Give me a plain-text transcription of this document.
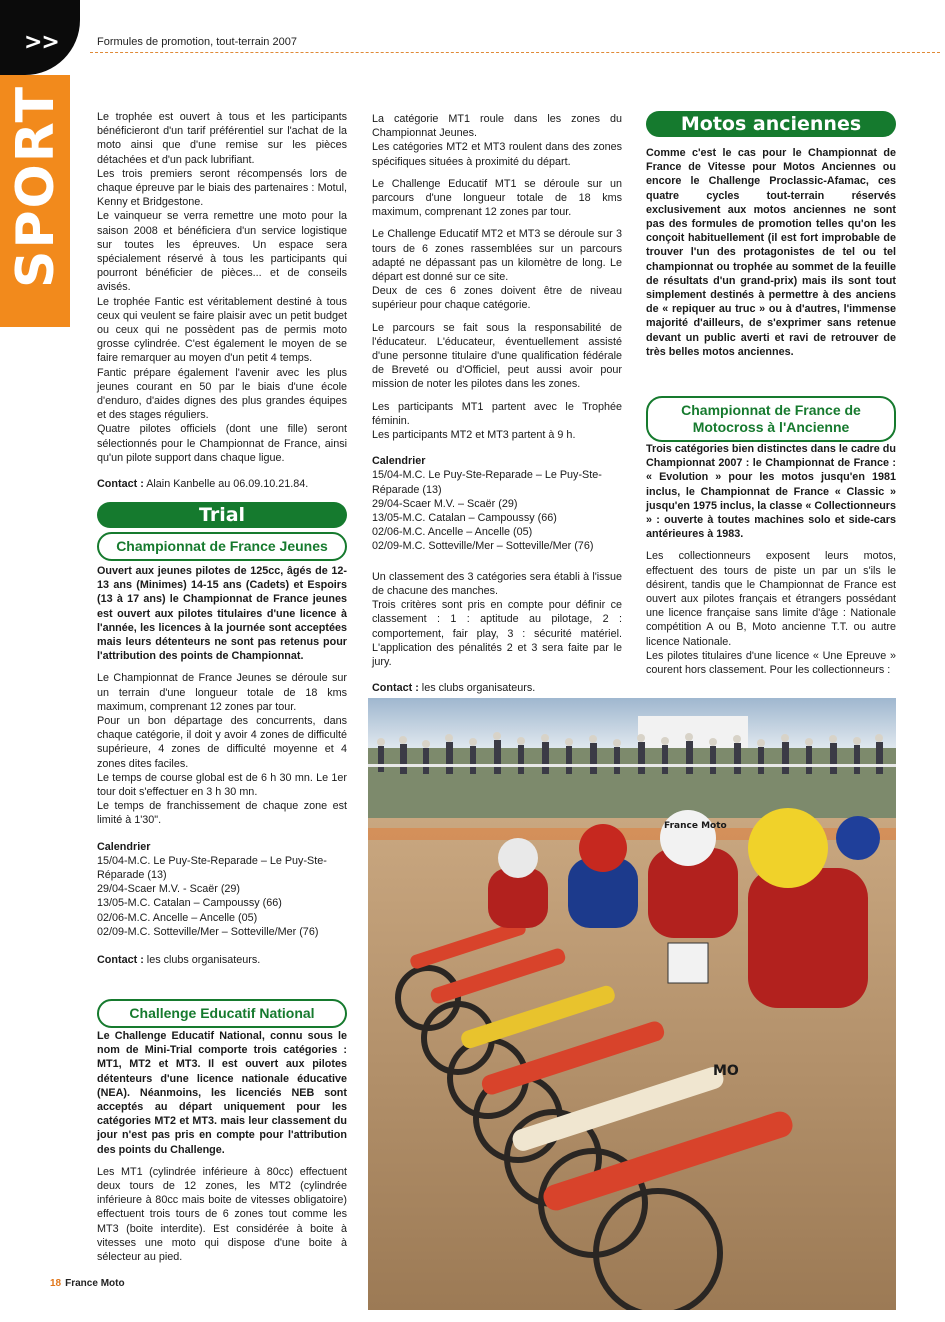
>>
SPORT
Formules de promotion, tout-terrain 2007

Le trophée est ouvert à tous et les participants bénéficieront d'un tarif préférentiel sur l'achat de la moto ainsi que d'une remise sur les pièces détachées et d'un pack lubrifiant.

Les trois premiers seront récompensés lors de chaque épreuve par le biais des partenaires : Motul, Kenny et Bridgestone.

Le vainqueur se verra remettre une moto pour la saison 2008 et bénéficiera d'un service logistique sur toutes les épreuves. Un espace sera spécialement réservé à tous les participants qui pourront bénéficier de pièces... et de conseils avisés.

Le trophée Fantic est véritablement destiné à tous ceux qui veulent se faire plaisir avec un petit budget ou ceux qui ne possèdent pas de permis moto grosse cylindrée. C'est également le moyen de se faire remarquer au moyen d'un petit 4 temps.

Fantic prépare également l'avenir avec les plus jeunes courant en 50 par le biais d'une école d'enduro, d'aides dignes des plus grandes équipes et des stages réguliers.

Quatre pilotes officiels (dont une fille) seront sélectionnés pour le Championnat de France, ainsi qu'un pilote support dans chaque ligue.

Contact : Alain Kanbelle au 06.09.10.21.84.

Trial
Championnat de France Jeunes

Ouvert aux jeunes pilotes de 125cc, âgés de 12-13 ans (Minimes) 14-15 ans (Cadets) et Espoirs (13 à 17 ans) le Championnat de France jeunes est ouvert aux pilotes titulaires d'une licence à l'année, les licences à la journée sont acceptées mais leurs détenteurs ne sont pas retenus pour l'attribution des points de Championnat.

Le Championnat de France Jeunes se déroule sur un terrain d'une longueur totale de 18 kms maximum, comprenant 12 zones par tour.

Pour un bon départage des concurrents, dans chaque catégorie, il doit y avoir 4 zones de difficulté supérieure, 4 zones de difficulté moyenne et 4 zones dites faciles.

Le temps de course global est de 6 h 30 mn. Le 1er tour doit s'effectuer en 3 h 30 mn.

Le temps de franchissement de chaque zone est limité à 1'30".

Calendrier
15/04-M.C. Le Puy-Ste-Reparade – Le Puy-Ste-Réparade (13)
29/04-Scaer M.V. - Scaër (29)
13/05-M.C. Catalan – Campoussy (66)
02/06-M.C. Ancelle – Ancelle (05)
02/09-M.C. Sotteville/Mer – Sotteville/Mer (76)

Contact : les clubs organisateurs.

Challenge Educatif National

Le Challenge Educatif National, connu sous le nom de Mini-Trial comporte trois catégories : MT1, MT2 et MT3. Il est ouvert aux pilotes détenteurs d'une licence nationale éducative (NEA). Néanmoins, les licenciés NEB sont acceptés au départ uniquement pour les catégories MT2 et MT3. mais leur classement du jour n'est pas pris en compte pour l'attribution des points du Challenge.

Les MT1 (cylindrée inférieure à 80cc) effectuent deux tours de 12 zones, les MT2 (cylindrée inférieure à 80cc mais boite de vitesses obligatoire) effectuent trois tours de 6 zones tout comme les MT3 (boite interdite). Est considérée à boite à vitesses une moto qui dispose d'une boite à sélecteur au pied.

La catégorie MT1 roule dans les zones du Championnat Jeunes.

Les catégories MT2 et MT3 roulent dans des zones spécifiques situées à proximité du départ.

Le Challenge Educatif MT1 se déroule sur un parcours d'une longueur totale de 18 kms maximum, comprenant 12 zones par tour.

Le Challenge Educatif MT2 et MT3 se déroule sur 3 tours de 6 zones rassemblées sur un parcours adapté ne dépassant pas un kilomètre de long. Le départ est donné sur ce site.

Deux de ces 6 zones doivent être de niveau supérieur pour chaque catégorie.

Le parcours se fait sous la responsabilité de l'éducateur. L'éducateur, éventuellement assisté d'une personne titulaire d'une qualification fédérale de Breveté ou d'Officiel, peut aussi avoir pour mission de noter les pilotes dans les zones.

Les participants MT1 partent avec le Trophée féminin.

Les participants MT2 et MT3 partent à 9 h.

Calendrier
15/04-M.C. Le Puy-Ste-Reparade – Le Puy-Ste-Réparade (13)
29/04-Scaer M.V. – Scaër (29)
13/05-M.C. Catalan – Campoussy (66)
02/06-M.C. Ancelle – Ancelle (05)
02/09-M.C. Sotteville/Mer – Sotteville/Mer (76)

Un classement des 3 catégories sera établi à l'issue de chacune des manches.

Trois critères sont pris en compte pour définir ce classement : 1 : aptitude au pilotage, 2 : comportement, fair play, 3 : sécurité matériel. L'application des pénalités 2 et 3 sera faite par le jury.

Contact : les clubs organisateurs.

Motos anciennes

Comme c'est le cas pour le Championnat de France de Vitesse pour Motos Anciennes ou encore le Challenge Proclassic-Afamac, ces quatre cycles tout-terrain réservés exclusivement aux motos anciennes ne sont pas des formules de promotion telles qu'on les conçoit habituellement (il est fort improbable de trouver l'un des protagonistes de tel ou tel championnat ou trophée au sommet de la feuille de résultats d'un grand-prix) mais ils sont tout simplement destinés à permettre à des anciens de « repiquer au truc » ou à d'autres, l'immense majorité d'ailleurs, de s'exprimer sans retenue devant un public averti et ravi de retrouver de très belles motos anciennes.

Championnat de France de Motocross à l'Ancienne

Trois catégories bien distinctes dans le cadre du Championnat 2007 : le Championnat de France : « Evolution » pour les motos jusqu'en 1981 inclus, le Championnat de France « Classic » jusqu'en 1975 inclus, la classe « Collectionneurs » : ouverte à toutes machines solo et side-cars antérieures à 1983.

Les collectionneurs exposent leurs motos, effectuent des tours de piste un par un s'ils le désirent, tandis que le Championnat de France est ouvert aux pilotes français et étrangers possédant une licence française sans limite d'âge : Nationale compétition A ou B, Moto ancienne T.T. ou autre licence Nationale.

Les pilotes titulaires d'une licence « Une Epreuve » courent hors classement. Pour les collectionneurs :

France Moto
MO
18 France Moto
